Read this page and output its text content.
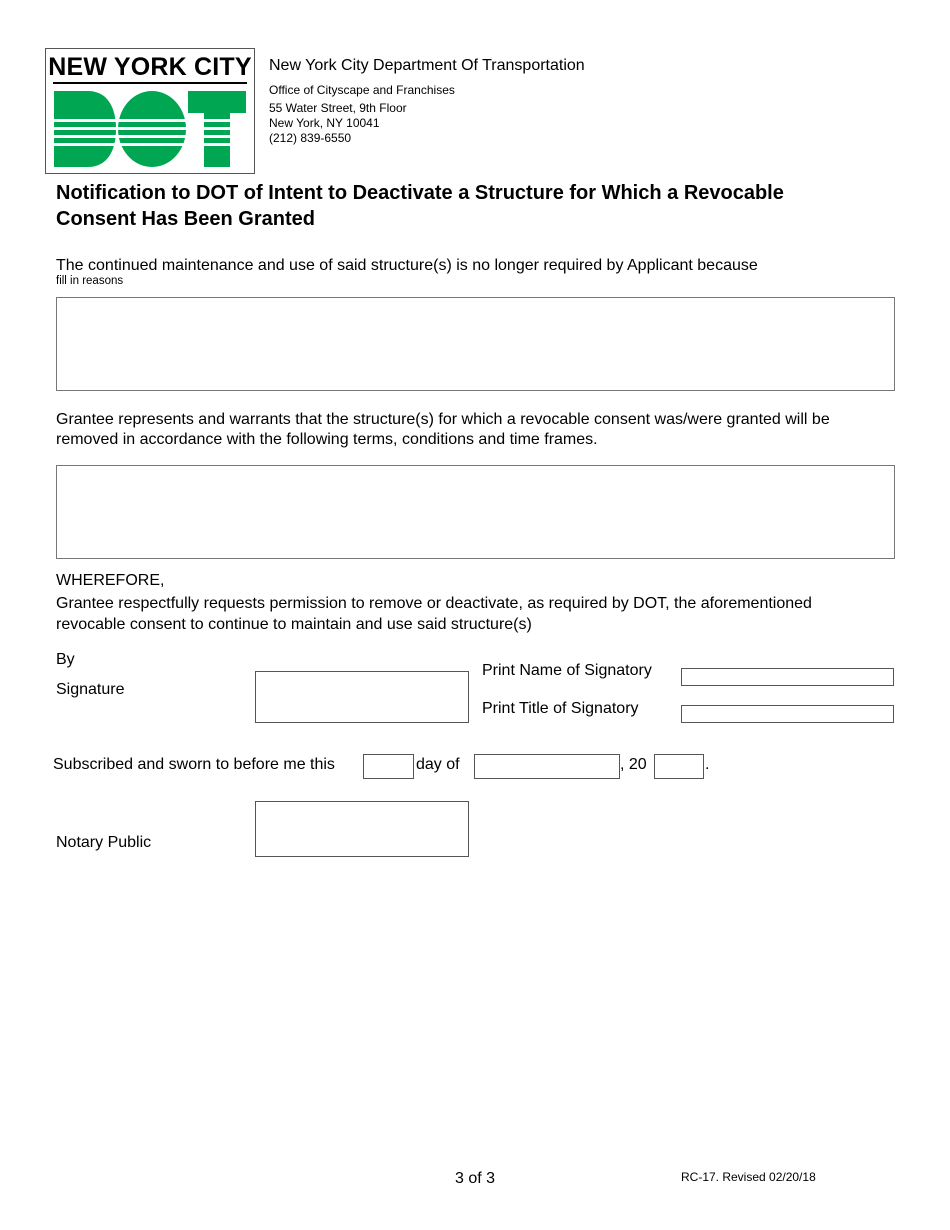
NEW YORK CITY New York City Department Of Transportation
Office of Cityscape and Franchises
55 Water Street, 9th Floor
New York, NY 10041
(212) 839-6550
Notification to DOT of Intent to Deactivate a Structure for Which a Revocable
Consent Has Been Granted
The continued maintenance and use of said structure(s) is no longer required by Applicant because
fill in reasons
Grantee represents and warrants that the structure(s) for which a revocable consent was/were granted will be
removed in accordance with the following terms, conditions and time frames.
WHEREFORE,
Grantee respectfully requests permission to remove or deactivate, as required by DOT, the aforementioned
revocable consent to continue to maintain and use said structure(s)
By
Signature
Print Name of Signatory
Print Title of Signatory
Subscribed and sworn to before me this	day of	, 20	.
Notary Public
3 of 3	RC-17. Revised 02/20/18
